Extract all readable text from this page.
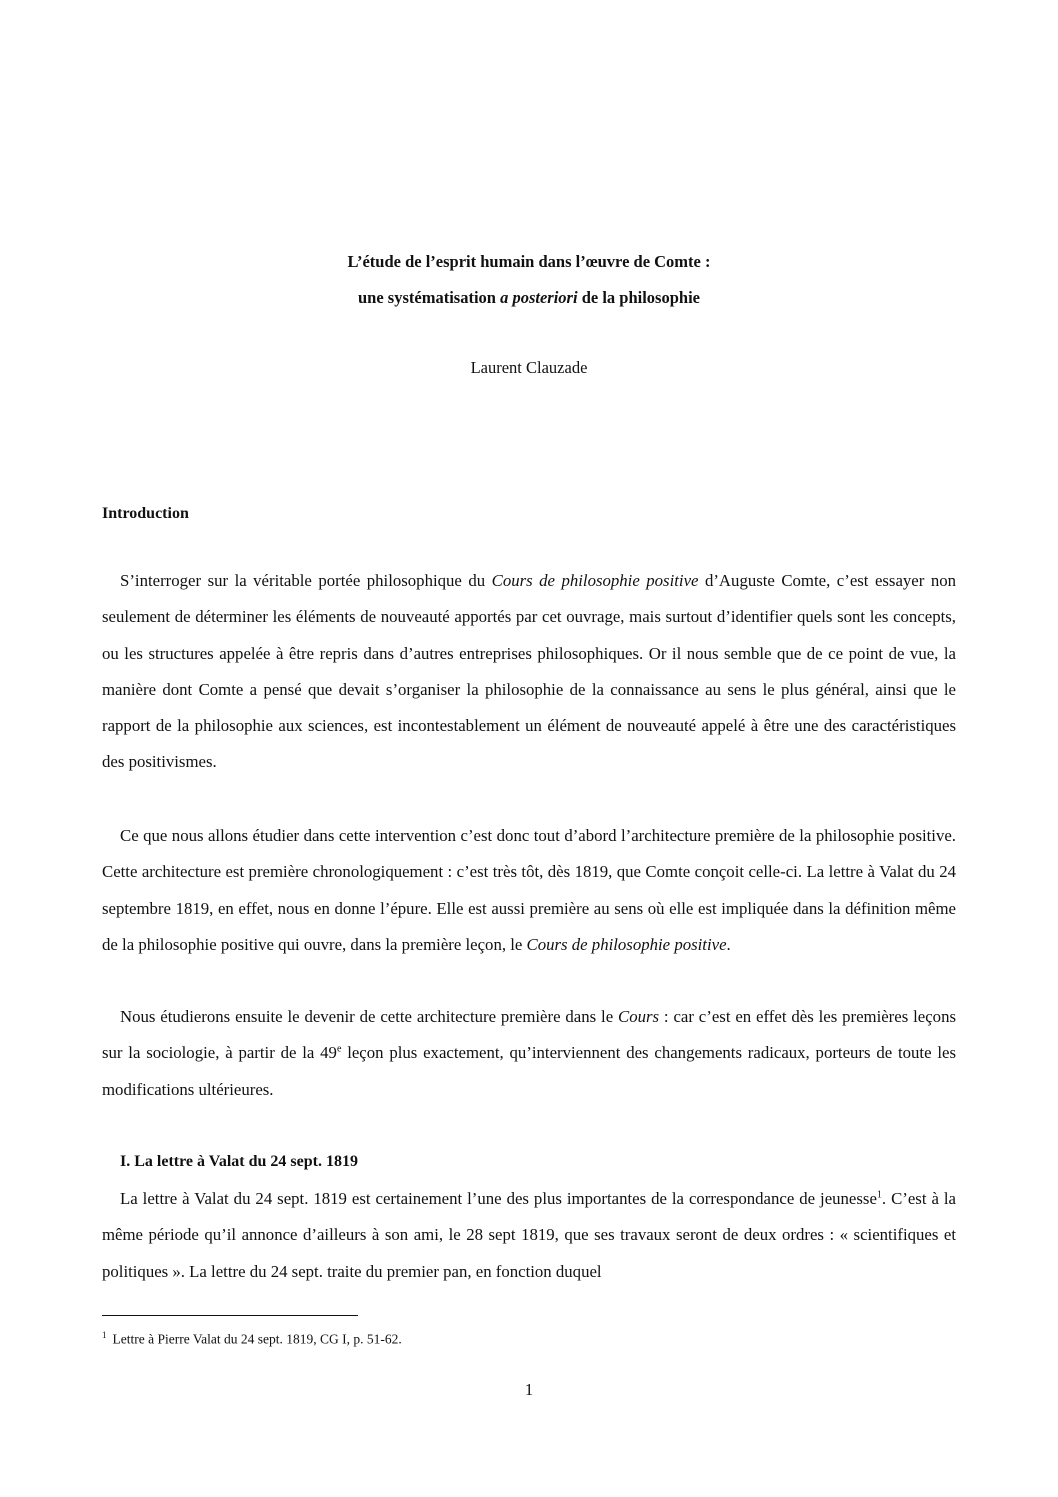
L’étude de l’esprit humain dans l’œuvre de Comte :
une systématisation a posteriori de la philosophie
Laurent Clauzade
Introduction
S’interroger sur la véritable portée philosophique du Cours de philosophie positive d’Auguste Comte, c’est essayer non seulement de déterminer les éléments de nouveauté apportés par cet ouvrage, mais surtout d’identifier quels sont les concepts, ou les structures appelée à être repris dans d’autres entreprises philosophiques. Or il nous semble que de ce point de vue, la manière dont Comte a pensé que devait s’organiser la philosophie de la connaissance au sens le plus général, ainsi que le rapport de la philosophie aux sciences, est incontestablement un élément de nouveauté appelé à être une des caractéristiques des positivismes.
Ce que nous allons étudier dans cette intervention c’est donc tout d’abord l’architecture première de la philosophie positive. Cette architecture est première chronologiquement : c’est très tôt, dès 1819, que Comte conçoit celle-ci. La lettre à Valat du 24 septembre 1819, en effet, nous en donne l’épure. Elle est aussi première au sens où elle est impliquée dans la définition même de la philosophie positive qui ouvre, dans la première leçon, le Cours de philosophie positive.
Nous étudierons ensuite le devenir de cette architecture première dans le Cours : car c’est en effet dès les premières leçons sur la sociologie, à partir de la 49e leçon plus exactement, qu’interviennent des changements radicaux, porteurs de toute les modifications ultérieures.
I. La lettre à Valat du 24 sept. 1819
La lettre à Valat du 24 sept. 1819 est certainement l’une des plus importantes de la correspondance de jeunesse$^1$. C’est à la même période qu’il annonce d’ailleurs à son ami, le 28 sept 1819, que ses travaux seront de deux ordres : « scientifiques et politiques ». La lettre du 24 sept. traite du premier pan, en fonction duquel
$^1$ Lettre à Pierre Valat du 24 sept. 1819, CG I, p. 51-62.
1
